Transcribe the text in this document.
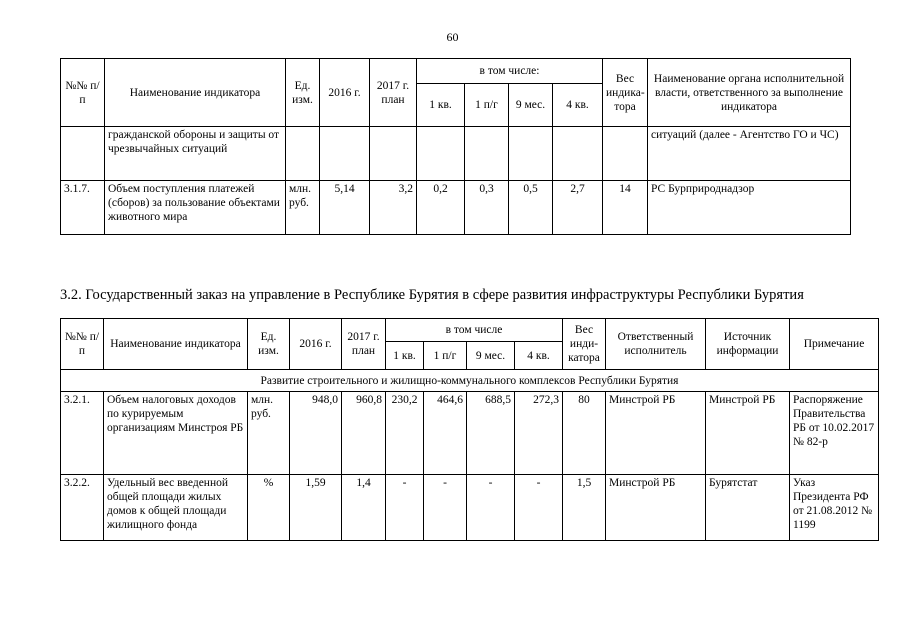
60
№№ п/п	Наименование индикатора	Ед. изм.	2016 г.	2017 г. план	в том числе:				Вес индика-тора	Наименование органа исполнительной власти, ответственного за выполнение индикатора
					1 кв.	1 п/г	9 мес.	4 кв.		
	гражданской обороны и защиты от чрезвычайных ситуаций									ситуаций (далее - Агентство ГО и ЧС)
3.1.7.	Объем поступления платежей (сборов) за пользование объектами животного мира	млн. руб.	5,14	3,2	0,2	0,3	0,5	2,7	14	РС Бурприроднадзор
3.2. Государственный заказ на управление в Республике Бурятия в сфере развития инфраструктуры Республики Бурятия
№№ п/п	Наименование индикатора	Ед. изм.	2016 г.	2017 г. план	в том числе				Вес инди-катора	Ответственный исполнитель	Источник информации	Примечание
					1 кв.	1 п/г	9 мес.	4 кв.				
Развитие строительного и жилищно-коммунального комплексов Республики Бурятия												
3.2.1.	Объем налоговых доходов по курируемым организациям Минстроя РБ	млн. руб.	948,0	960,8	230,2	464,6	688,5	272,3	80	Минстрой РБ	Минстрой РБ	Распоряжение Правительства РБ от 10.02.2017 № 82-р
3.2.2.	Удельный вес введенной общей площади жилых домов к общей площади жилищного фонда	%	1,59	1,4	-	-	-	-	1,5	Минстрой РБ	Бурятстат	Указ Президента РФ от 21.08.2012 № 1199
